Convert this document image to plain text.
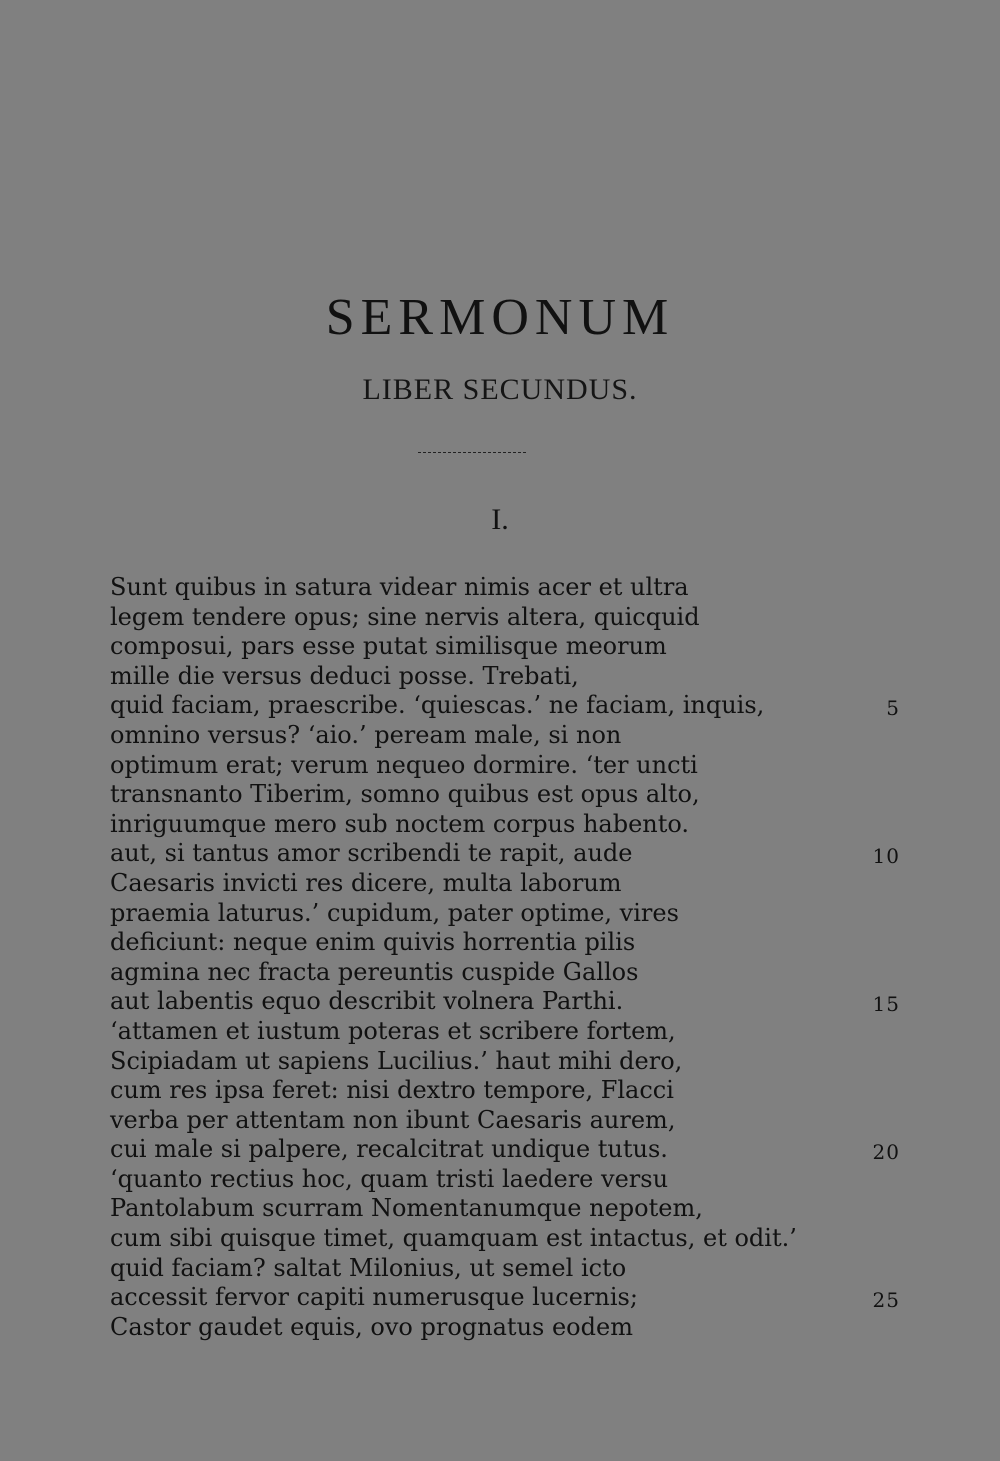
SERMONUM
LIBER SECUNDUS.
I.
Sunt quibus in satura videar nimis acer et ultra
legem tendere opus; sine nervis altera, quicquid
composui, pars esse putat similisque meorum
mille die versus deduci posse. Trebati,
quid faciam, praescribe. ‘quiescas.’ ne faciam, inquis,	5
omnino versus? ‘aio.’ peream male, si non
optimum erat; verum nequeo dormire. ‘ter uncti
transnanto Tiberim, somno quibus est opus alto,
inriguumque mero sub noctem corpus habento.
aut, si tantus amor scribendi te rapit, aude	10
Caesaris invicti res dicere, multa laborum
praemia laturus.’ cupidum, pater optime, vires
deficiunt: neque enim quivis horrentia pilis
agmina nec fracta pereuntis cuspide Gallos
aut labentis equo describit volnera Parthi.	15
‘attamen et iustum poteras et scribere fortem,
Scipiadam ut sapiens Lucilius.’ haut mihi dero,
cum res ipsa feret: nisi dextro tempore, Flacci
verba per attentam non ibunt Caesaris aurem,
cui male si palpere, recalcitrat undique tutus.	20
‘quanto rectius hoc, quam tristi laedere versu
Pantolabum scurram Nomentanumque nepotem,
cum sibi quisque timet, quamquam est intactus, et odit.’
quid faciam? saltat Milonius, ut semel icto
accessit fervor capiti numerusque lucernis;	25
Castor gaudet equis, ovo prognatus eodem
